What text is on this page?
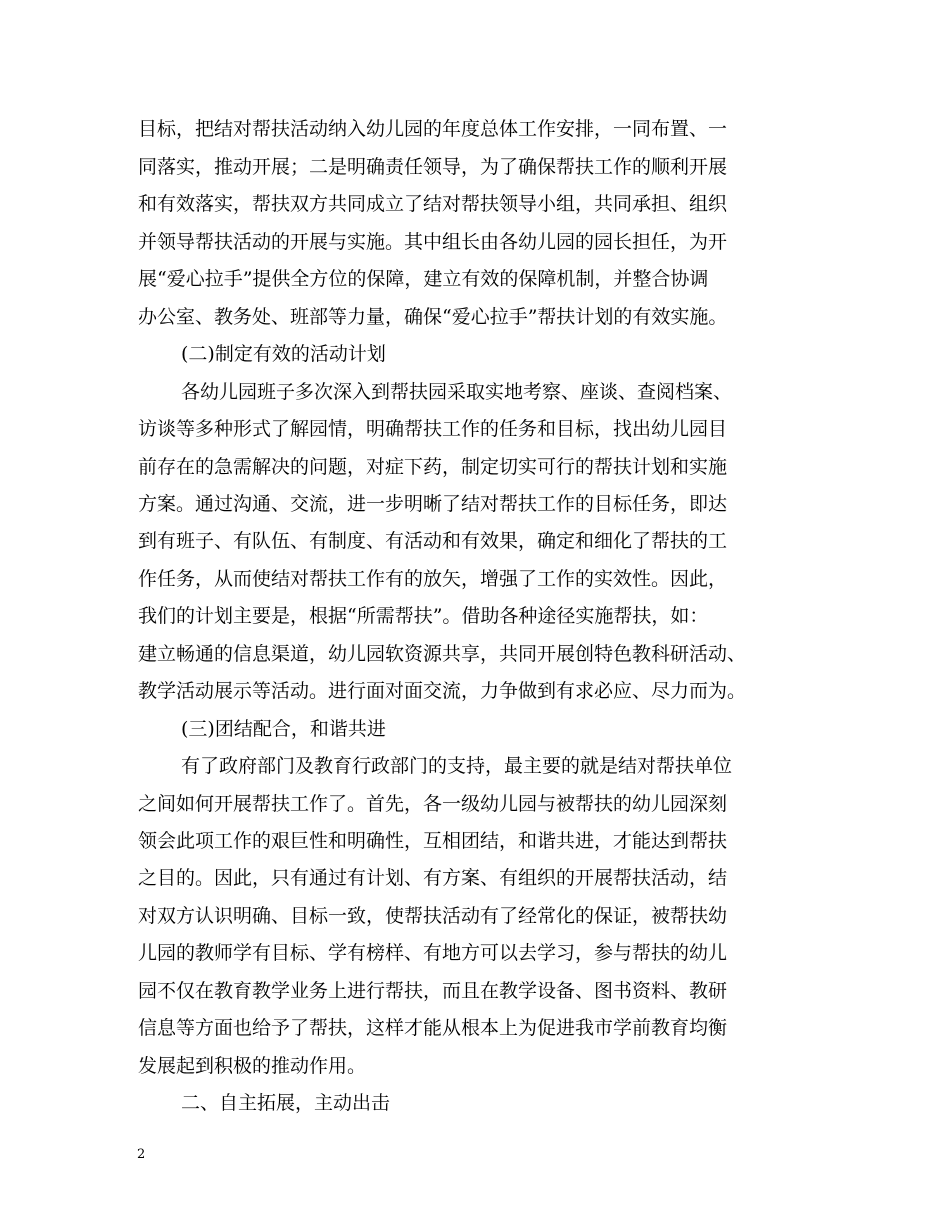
目标，把结对帮扶活动纳入幼儿园的年度总体工作安排，一同布置、一
同落实，推动开展；二是明确责任领导，为了确保帮扶工作的顺利开展
和有效落实，帮扶双方共同成立了结对帮扶领导小组，共同承担、组织
并领导帮扶活动的开展与实施。其中组长由各幼儿园的园长担任，为开
展“爱心拉手”提供全方位的保障，建立有效的保障机制，并整合协调
办公室、教务处、班部等力量，确保“爱心拉手”帮扶计划的有效实施。
(二)制定有效的活动计划
各幼儿园班子多次深入到帮扶园采取实地考察、座谈、查阅档案、
访谈等多种形式了解园情，明确帮扶工作的任务和目标，找出幼儿园目
前存在的急需解决的问题，对症下药，制定切实可行的帮扶计划和实施
方案。通过沟通、交流，进一步明晰了结对帮扶工作的目标任务，即达
到有班子、有队伍、有制度、有活动和有效果，确定和细化了帮扶的工
作任务，从而使结对帮扶工作有的放矢，增强了工作的实效性。因此，
我们的计划主要是，根据“所需帮扶”。借助各种途径实施帮扶，如：
建立畅通的信息渠道，幼儿园软资源共享，共同开展创特色教科研活动、
教学活动展示等活动。进行面对面交流，力争做到有求必应、尽力而为。
(三)团结配合，和谐共进
有了政府部门及教育行政部门的支持，最主要的就是结对帮扶单位
之间如何开展帮扶工作了。首先，各一级幼儿园与被帮扶的幼儿园深刻
领会此项工作的艰巨性和明确性，互相团结，和谐共进，才能达到帮扶
之目的。因此，只有通过有计划、有方案、有组织的开展帮扶活动，结
对双方认识明确、目标一致，使帮扶活动有了经常化的保证，被帮扶幼
儿园的教师学有目标、学有榜样、有地方可以去学习，参与帮扶的幼儿
园不仅在教育教学业务上进行帮扶，而且在教学设备、图书资料、教研
信息等方面也给予了帮扶，这样才能从根本上为促进我市学前教育均衡
发展起到积极的推动作用。
二、自主拓展，主动出击
2
